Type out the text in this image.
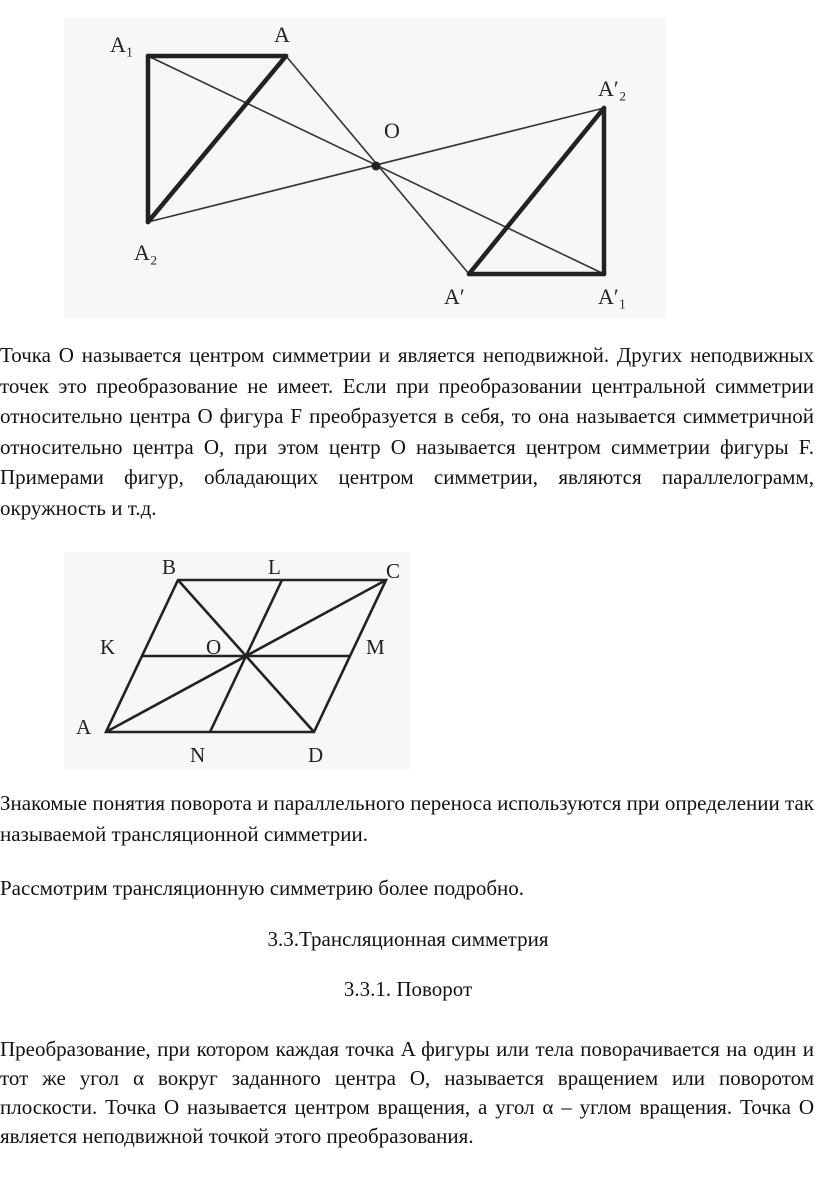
A₁	A
A₂
O
A′₂
A′	A′₁

Точка O называется центром симметрии и является неподвижной. Других неподвижных точек это преобразование не имеет. Если при преобразовании центральной симметрии относительно центра O фигура F преобразуется в себя, то она называется симметричной относительно центра O, при этом центр O называется центром симметрии фигуры F. Примерами фигур, обладающих центром симметрии, являются параллелограмм, окружность и т.д.

B	L	C
K	O	M
A
N	D

Знакомые понятия поворота и параллельного переноса используются при определении так называемой трансляционной симметрии.

Рассмотрим трансляционную симметрию более подробно.

3.3.Трансляционная симметрия

3.3.1. Поворот

Преобразование, при котором каждая точка A фигуры или тела поворачивается на один и тот же угол α вокруг заданного центра O, называется вращением или поворотом плоскости. Точка O называется центром вращения, а угол α – углом вращения. Точка O является неподвижной точкой этого преобразования.
